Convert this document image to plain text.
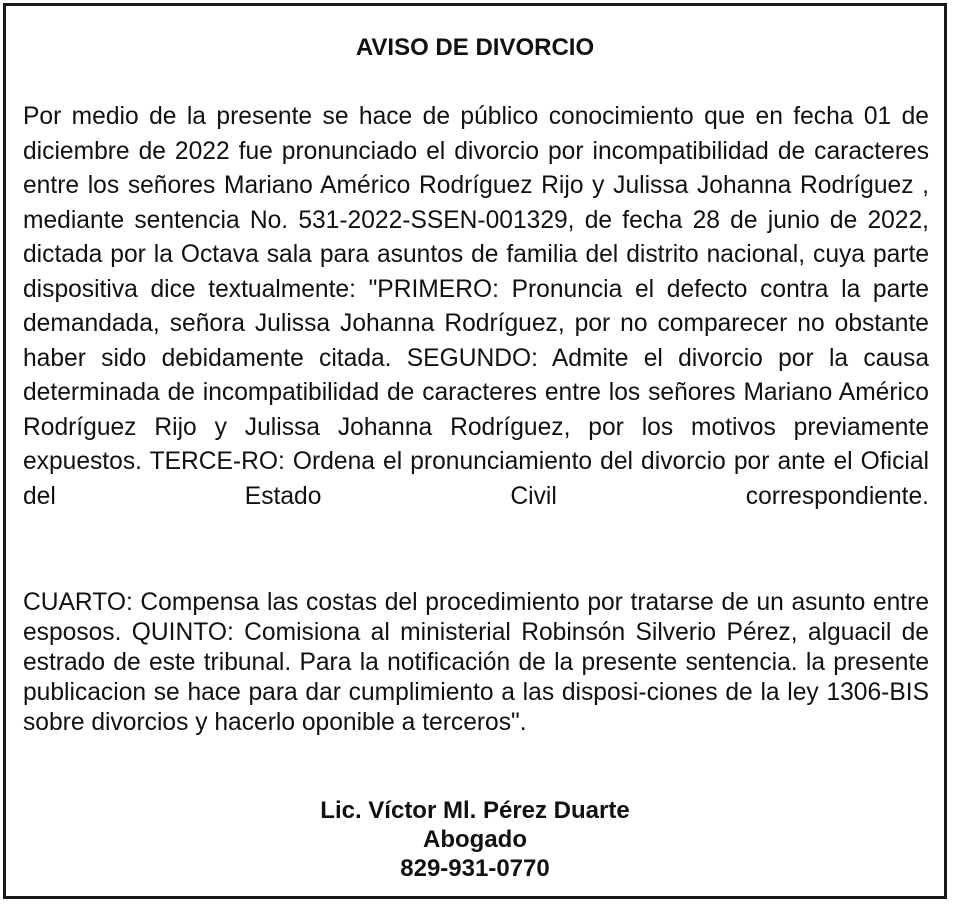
AVISO DE DIVORCIO

Por medio de la presente se hace de público conocimiento que en fecha 01 de diciembre de 2022 fue pronunciado el divorcio por incompatibilidad de caracteres entre los señores Mariano Américo Rodríguez Rijo y Julissa Johanna Rodríguez , mediante sentencia No. 531-2022-SSEN-001329, de fecha 28 de junio de 2022, dictada por la Octava sala para asuntos de familia del distrito nacional, cuya parte dispositiva dice textualmente: "PRIMERO: Pronuncia el defecto contra la parte demandada, señora Julissa Johanna Rodríguez, por no comparecer no obstante haber sido debidamente citada. SEGUNDO: Admite el divorcio por la causa determinada de incompatibilidad de caracteres entre los señores Mariano Américo Rodríguez Rijo y Julissa Johanna Rodríguez, por los motivos previamente expuestos. TERCE-RO: Ordena el pronunciamiento del divorcio por ante el Oficial del Estado Civil correspondiente.

CUARTO: Compensa las costas del procedimiento por tratarse de un asunto entre esposos. QUINTO: Comisiona al ministerial Robinsón Silverio Pérez, alguacil de estrado de este tribunal. Para la notificación de la presente sentencia. la presente publicacion se hace para dar cumplimiento a las disposi-ciones de la ley 1306-BIS sobre divorcios y hacerlo oponible a terceros".

Lic. Víctor Ml. Pérez Duarte
Abogado
829-931-0770
